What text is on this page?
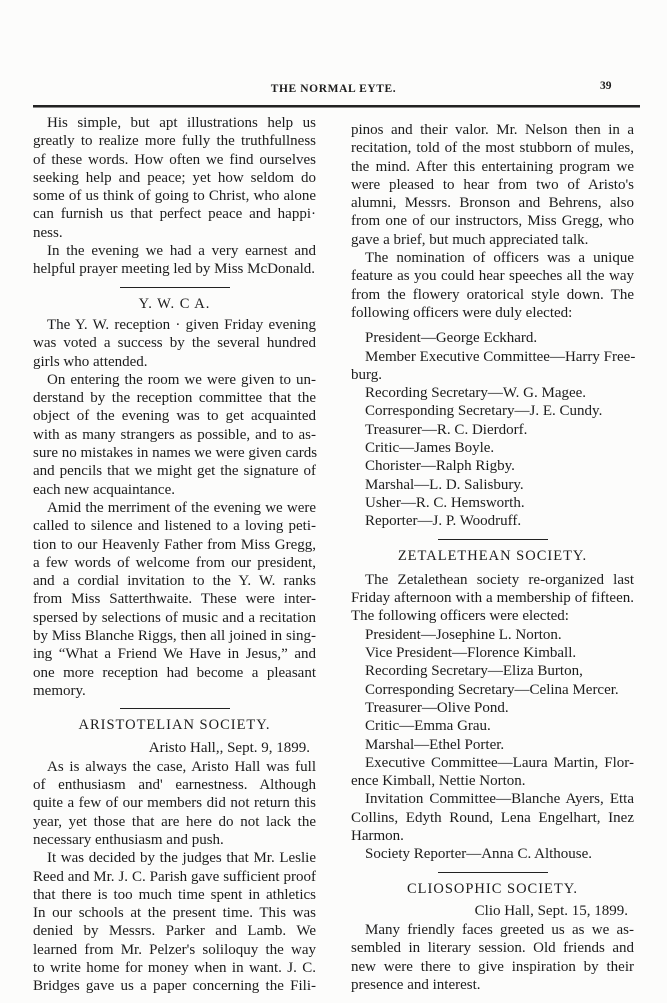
THE NORMAL EYTE.	39
His simple, but apt illustrations help us
greatly to realize more fully the truthfullness
of these words. How often we find ourselves
seeking help and peace; yet how seldom do
some of us think of going to Christ, who alone
can furnish us that perfect peace and happi·
ness.
In the evening we had a very earnest and
helpful prayer meeting led by Miss McDonald.
Y. W. C A.
The Y. W. reception · given Friday evening
was voted a success by the several hundred
girls who attended.
On entering the room we were given to un-
derstand by the reception committee that the
object of the evening was to get acquainted
with as many strangers as possible, and to as-
sure no mistakes in names we were given cards
and pencils that we might get the signature of
each new acquaintance.
Amid the merriment of the evening we were
called to silence and listened to a loving peti-
tion to our Heavenly Father from Miss Gregg,
a few words of welcome from our president,
and a cordial invitation to the Y. W. ranks
from Miss Satterthwaite. These were inter-
spersed by selections of music and a recitation
by Miss Blanche Riggs, then all joined in sing-
ing “What a Friend We Have in Jesus,” and
one more reception had become a pleasant
memory.
ARISTOTELIAN SOCIETY.
Aristo Hall,, Sept. 9, 1899.
As is always the case, Aristo Hall was full
of enthusiasm and' earnestness. Although
quite a few of our members did not return this
year, yet those that are here do not lack the
necessary enthusiasm and push.
It was decided by the judges that Mr. Leslie
Reed and Mr. J. C. Parish gave sufficient proof
that there is too much time spent in athletics
In our schools at the present time. This was
denied by Messrs. Parker and Lamb. We
learned from Mr. Pelzer's soliloquy the way
to write home for money when in want. J. C.
Bridges gave us a paper concerning the Fili-
pinos and their valor. Mr. Nelson then in a
recitation, told of the most stubborn of mules,
the mind. After this entertaining program we
were pleased to hear from two of Aristo's
alumni, Messrs. Bronson and Behrens, also
from one of our instructors, Miss Gregg, who
gave a brief, but much appreciated talk.
The nomination of officers was a unique
feature as you could hear speeches all the way
from the flowery oratorical style down. The
following officers were duly elected:
President—George Eckhard.
Member Executive Committee—Harry Free-
burg.
Recording Secretary—W. G. Magee.
Corresponding Secretary—J. E. Cundy.
Treasurer—R. C. Dierdorf.
Critic—James Boyle.
Chorister—Ralph Rigby.
Marshal—L. D. Salisbury.
Usher—R. C. Hemsworth.
Reporter—J. P. Woodruff.
ZETALETHEAN SOCIETY.
The Zetalethean society re-organized last
Friday afternoon with a membership of fifteen.
The following officers were elected:
President—Josephine L. Norton.
Vice President—Florence Kimball.
Recording Secretary—Eliza Burton,
Corresponding Secretary—Celina Mercer.
Treasurer—Olive Pond.
Critic—Emma Grau.
Marshal—Ethel Porter.
Executive Committee—Laura Martin, Flor-
ence Kimball, Nettie Norton.
Invitation Committee—Blanche Ayers, Etta
Collins, Edyth Round, Lena Engelhart, Inez
Harmon.
Society Reporter—Anna C. Althouse.
CLIOSOPHIC SOCIETY.
Clio Hall, Sept. 15, 1899.
Many friendly faces greeted us as we as-
sembled in literary session. Old friends and
new were there to give inspiration by their
presence and interest.
